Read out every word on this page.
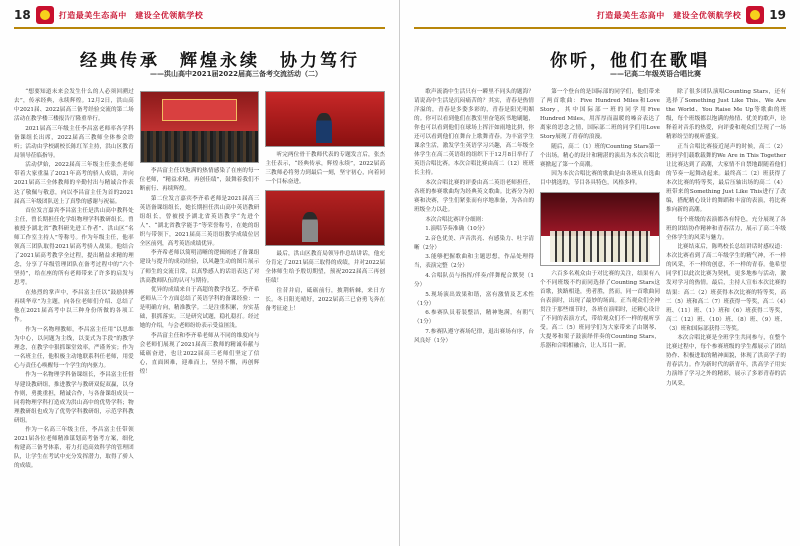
18	打造最美生态高中　建设全优领航学校
经典传承　辉煌永续　协力笃行
——洪山高中2021届2022届高三备考交流活动（二）

“想要知道未来会发生什么的人必须回溯过去”，传承经典，永续辉煌。12月2日，洪山高中2021届、2022届高三备考经验交流的第二场活动在教学楼三楼报告厅隆重举行。

2021届高三年级主任李昌富老师率各学科备课组长出席，2022届高三教师全体参会聆听；活动由学校副校长陈红军主持，洪山区教育局领导莅临指导。

活动伊始，2022届高三年级主任张杰老师带着大家重温了2021年高考的骄人成绩，并向2021届高三全体教师的辛勤付出与精诚合作表达了敬佩与敬意，向以李昌富主任为首的2021届高三年级团队送上了真挚的感谢与祝福。

首位发言嘉宾李昌富主任是洪山高中教科处主任，曾长期担任化学组物理学科教研组长。曾被授予湖北省“教科研先进工作者”、洪山区“名师工作室主持人”等称号。作为年级主任，他率领高三团队取得2021届高考骄人战果。他结合了2021届高考教学全过程，提出精益求精的理念，分享了年级管理团队在备考过程中的“六个坚持”，给在座的所有老师带来了许多的启发与思考。

在热烈的掌声中，李昌富主任以“鼓励拼搏　再续华章”为主题，向各位老师们介绍、总结了他在2021届高考中以三种身份所做的各项工作。

作为一名物理教师，李昌富主任用“以思维为中心，以问题为主线，以变式为手段”的教学理念，在教学中狠抓课堂效率，严谨务实；作为一名班主任，他积极主动地联系科任老师，用爱心与责任心唤醒每一个学生的内驱力。

作为一名物理学科备课组长，李昌富主任督导建设教研组，推进教学与教研双促双赢，以身作则，勇挑重担，精诚合作，与各备课组成员一同将物理学科打造成为洪山高中的优势学科；物理教研组也成为了优势学科教研组，示范学科教研组。

作为一名高三年级主任，李昌富主任带领2021届各位老师精准谋划高考备考方案，细化构建高三备考体系，着力打造高效科学的管理团队，让学生在考试中充分发挥潜力，取得了骄人的成绩。

李昌富主任以饱满的热情感染了在座的每一位老师，“精益求精，再创佳绩”，鼓舞着我们不断前行、再续辉煌。

第二位发言嘉宾李齐希老师是2021届高三英语备课组组长，她长期担任洪山高中英语教研组组长，曾被授予湖北省英语教学“先进个人”、“湖北省教学能手”等荣誉称号，在她的组织与带领下，2021届高三英语组教学成绩位居全区前列，高考英语成绩优异。

李齐希老师以简明清晰的逻辑阐述了备课组建设与提升的成功经验，以风趣生动的图片展示了师生的交流日常，以真挚感人的话语表达了对洪高教师队伍的认可与期待。

优异的成绩来自于高超的教学技艺。李齐希老师从三个方面总结了英语学科的备课经验：一是明确方向，精准教学。二是注重积累，夯实基础，狠抓落实。三是研究试题，稳扎稳打。经过她的介绍，与会老师纷纷表示受益匪浅。

李昌富主任和李齐希老师从不同的维度向与会老师们展现了2021届高三教师的精诚奉献与砥砺奋进，也让2022届高三老师们坚定了信心，直面困难，迎难而上，坚持不懈，再创辉煌！

听完两位骨干教师代表的专题发言后，张杰主任表示，“经典传承，辉煌永续”，2022届高三教师必将努力到最后一刻，坚守初心，向着同一个目标奋进。

最后，洪山区教育局领导作总结讲话，他充分肯定了2021届高三取得的成绩，并对2022届全体师生给予殷切期望，预祝2022届高三再创佳绩！

往昔并肩，砥砺前行，披荆斩棘，来日方长。冬日阳光晴好，2022届高三已奋勇飞奔在备考征途上！

打造最美生态高中　建设全优领航学校 19
你听，他们在歌唱
——记高二年级英语合唱比赛

歌声流淌中生活只有一瞬里不同头的题海？请说高中生活是沉闷痛苦的？其实，青春是热情洋溢的，青春是多姿多彩的，青春是阳光明媚的。你可以看到他们在教室里奋笔疾书地刷题，你也可以看到他们在球场上挥汗如雨地比拼，你还可以看到他们在舞台上歌舞青春。为丰富学生课余生活，激发学生英语学习兴趣，高二年级全体学生在高二英语组的组织下于12月8日举行了英语合唱比赛。本次合唱比赛由高二（12）班班长主持。

本次合唱比赛的评委由高二英语老师担任，各班的参赛歌曲均为经典英文歌曲。比赛分为初赛和决赛，学生们紧张而有序地准备，为各自的班级全力以赴。

本次合唱比赛评分细则：

1.演唱节奏准确（10分）

2.音色优美、声音洪亮、有感染力、吐字清晰（2分）

3.能够把握歌曲和主题思想，作品处理得当，表演完整（2分）

4.合唱队员与指挥/伴奏/伴舞配合默契（1分）

5.现场演出效果和谐，富有激情及艺术性（1分）

6.参赛队员着装整洁，精神饱满，有朝气（1分）

7.参赛队遵守赛场纪律，退出赛场有序，台风良好（1分）

第一个登台的是国际部的同学们，他们带来了两首歌曲：Five Hundred Miles和Love Story，其中国际部一班的同学用Five Hundred Miles，用浑厚而温暖的嗓音表达了离家的思念之情，国际部二班的同学们用Love Story展现了青春的浪漫。

随后，高二（1）班的Counting Stars第一个出场。精心的设计和精湛的演出为本次合唱比赛掀起了第一个高潮。

因为本次合唱比赛的歌曲是由各班从自选曲目中挑选的，节目各具特色，风格多样。

六百多名观众由于对比赛的关注，结果有八个不同班级不约而同选择了Counting Stars这首歌，狭路相逢，勇者胜，然而，同一首歌曲同台表演时，出现了最妙的场面。正当观众们全神贯注于那些细节时，各班在演唱时，还精心设计了不同的表演方式，带给观众们不一样的视听享受。高二（5）班同学们为大家带来了由钢琴、大提琴和架子鼓演绎伴奏的Counting Stars，乐器和合唱相融合，让人耳目一新。

除了很多团队演唱Counting Stars，还有选择了Something Just Like This、We Are the World、You Raise Me Up等歌曲的班级，每个班级都以饱满的热情、优美的歌声，诠释着对音乐的热爱，向评委和观众们呈现了一场精彩纷呈的视听盛宴。

正当合唱比赛接近尾声的时候，高二（2）班同学们载歌载舞的We Are in This Together让比赛达到了高潮，大家情不自禁地跟随着他们的节奏一起舞动起来。最终高二（2）班获得了本次比赛的特等奖，最后压轴出场的高二（4）班带来的Something Just Like This进行了改编，搭配精心设计的舞蹈和丰富的表演，将比赛推向新的高潮。

每个班级的表演都各有特色，充分展现了各班的团结协作精神和青春活力，展示了高二年级全体学生的风采与魅力。

比赛结束后，陈鸣校长总结讲话时感叹道：本次比赛看到了高二年级学生的精气神，不一样的风采，不一样的创意，不一样的青春。他希望同学们以此次比赛为契机，更多地参与活动，激发对学习的热情。最后，主持人宣布本次比赛的结果：高二（2）班获得本次比赛的特等奖，高二（5）班和高二（7）班获得一等奖，高二（4）班、（11）班、（1）班和（6）班获得二等奖，高二（12）班、（10）班、（8）班、（9）班、（3）班和国际部获得三等奖。

本次合唱比赛是全班学生共同参与，在整个比赛过程中，每个参赛班级的学生都展示了团结协作、积极进取的精神面貌，体现了洪高学子的青春活力。作为新时代的新青年，洪高学子用实力演绎了学习之外的精彩，展示了多彩青春的活力风采。
